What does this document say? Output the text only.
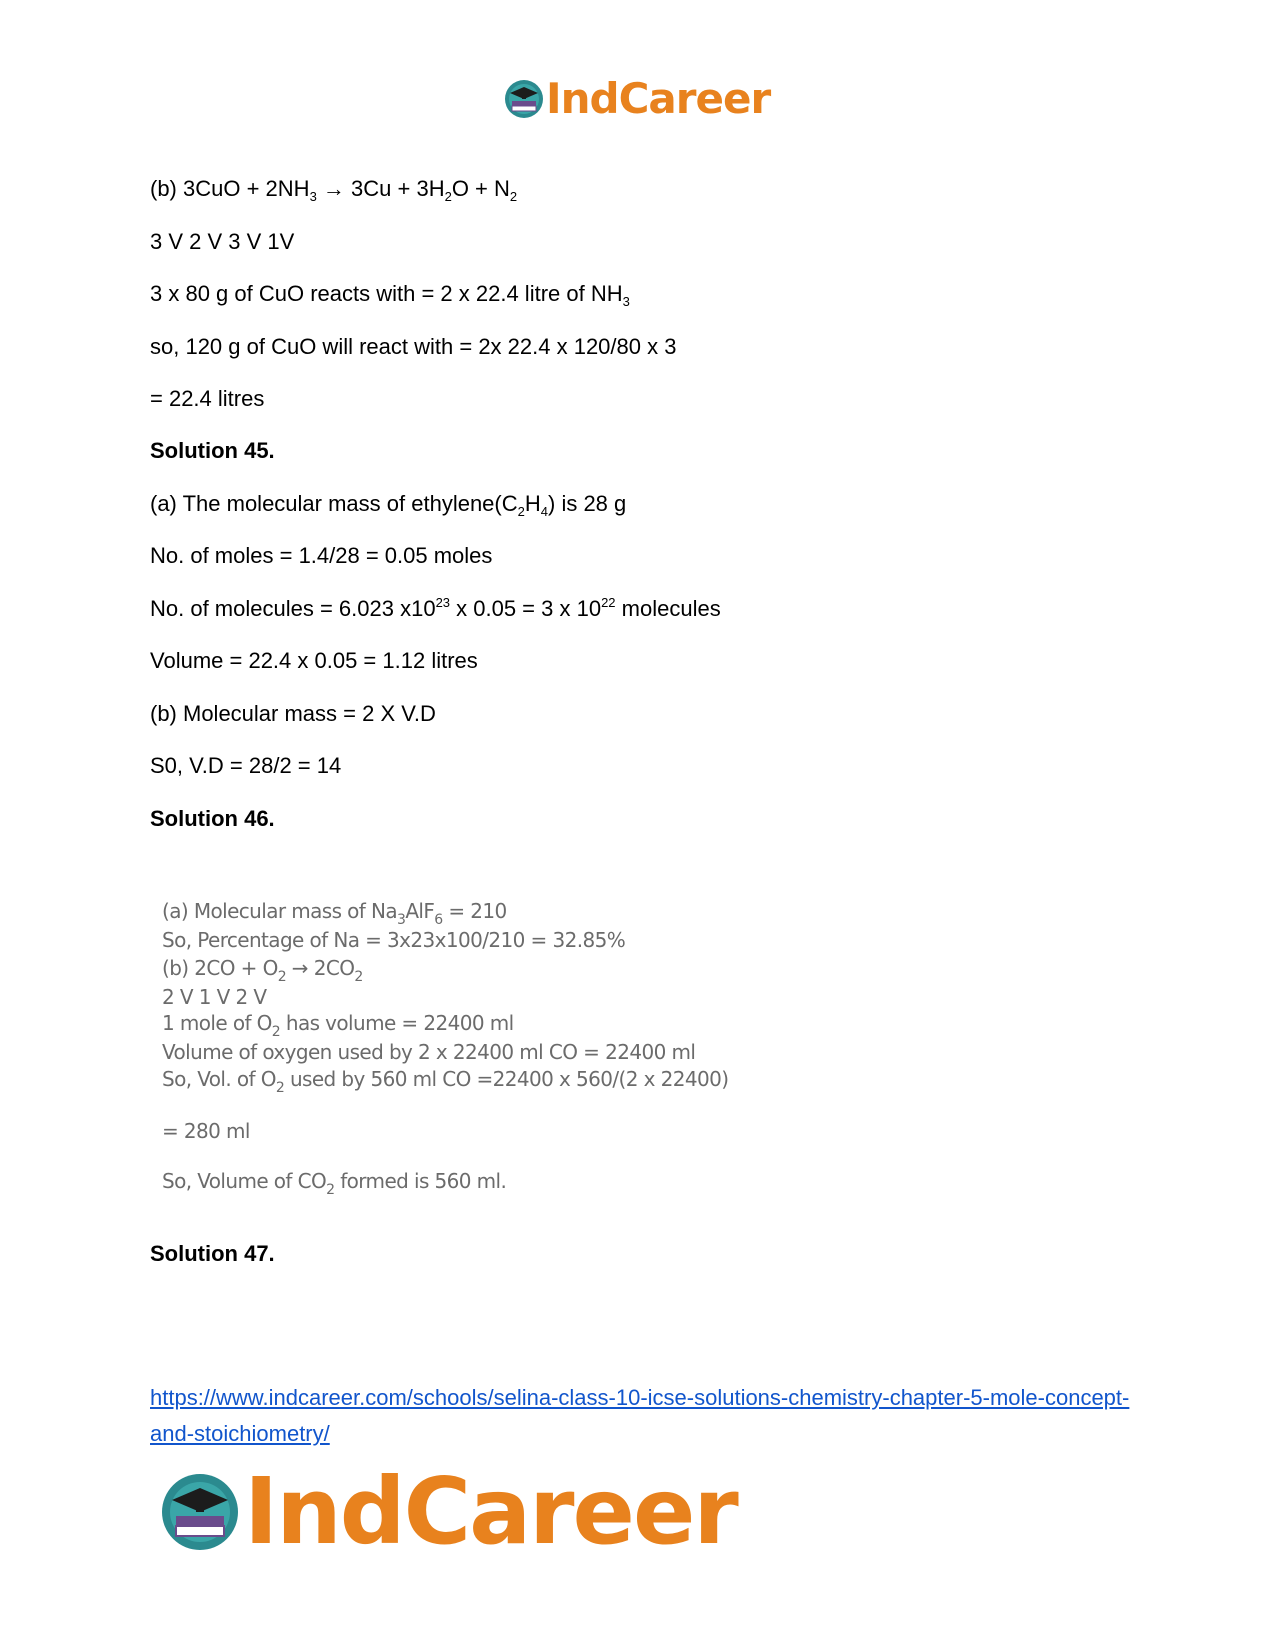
IndCareer
(b) $3CuO + 2NH_3 \to 3Cu + 3H_2O + N_2$
3 V 2 V 3 V 1V
3 x 80 g of CuO reacts with = 2 x 22.4 litre of $NH_3$
so, 120 g of CuO will react with = 2x 22.4 x 120/80 x 3
= 22.4 litres
Solution 45.
(a) The molecular mass of $ethylene(C_2H_4)$ is 28 g
No. of moles = 1.4/28 = 0.05 moles
No. of molecules = 6.023 $x10^{23}$ x 0.05 = 3 x $10^{22}$ molecules
Volume = 22.4 x 0.05 = 1.12 litres
(b) Molecular mass = 2 X V.D
S0, V.D = 28/2 = 14
Solution 46.
(a) Molecular mass of $Na_3AlF_6 = 210$
So, Percentage of Na = 3x23x100/210 = 32.85%
(b) $2CO + O_2 \to 2CO_2$
2 V 1 V 2 V
1 mole of $O_2$ has volume = 22400 ml
Volume of oxygen used by 2 x 22400 ml CO = 22400 ml
So, Vol. of $O_2$ used by 560 ml CO =22400 x 560/(2 x 22400)
= 280 ml
So, Volume of $CO_2$ formed is 560 ml.
Solution 47.
https://www.indcareer.com/schools/selina-class-10-icse-solutions-chemistry-chapter-5-mole-concept-and-stoichiometry/
IndCareer
